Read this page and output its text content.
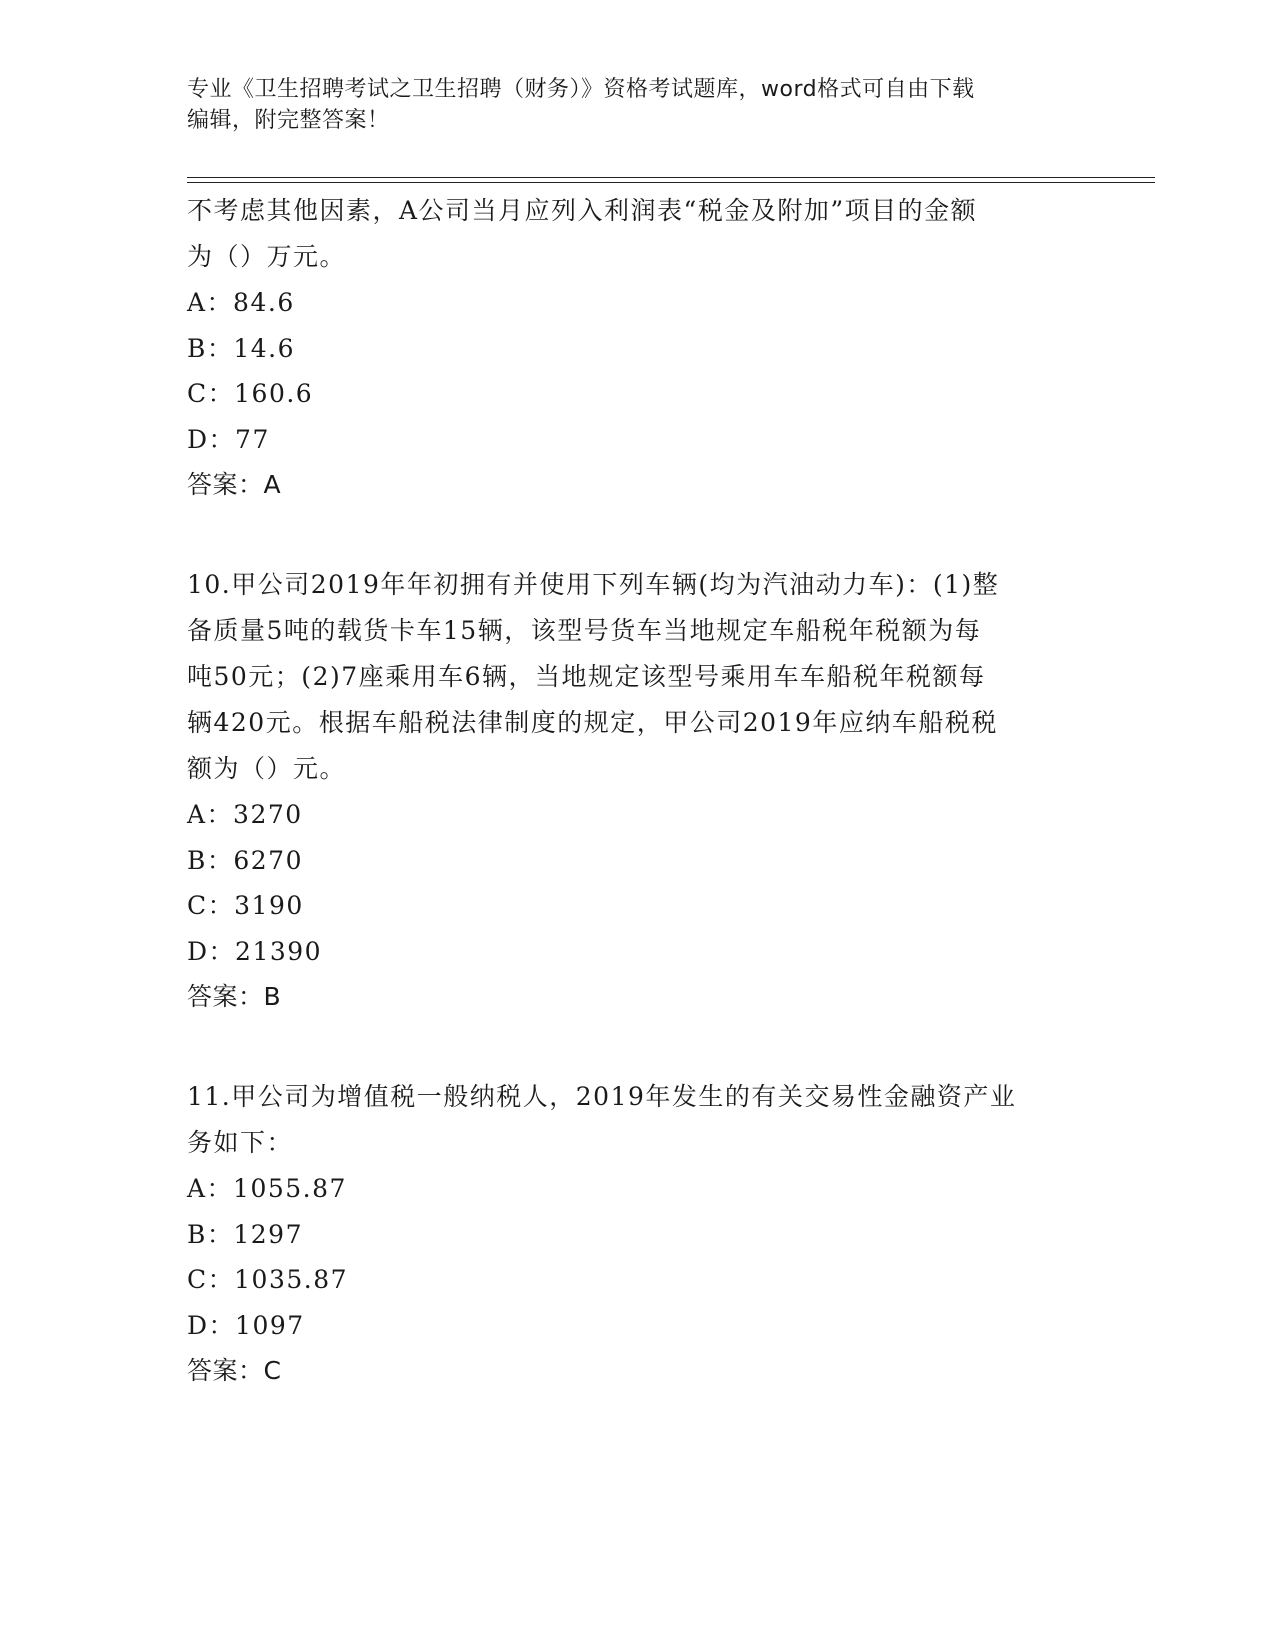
专业《卫生招聘考试之卫生招聘（财务）》资格考试题库，word格式可自由下载
编辑，附完整答案！

不考虑其他因素，A公司当月应列入利润表“税金及附加”项目的金额

为（）万元。

A：84.6

B：14.6

C：160.6

D：77

答案：A

10.甲公司2019年年初拥有并使用下列车辆(均为汽油动力车)：(1)整

备质量5吨的载货卡车15辆，该型号货车当地规定车船税年税额为每

吨50元；(2)7座乘用车6辆，当地规定该型号乘用车车船税年税额每

辆420元。根据车船税法律制度的规定，甲公司2019年应纳车船税税

额为（）元。

A：3270

B：6270

C：3190

D：21390

答案：B

11.甲公司为增值税一般纳税人，2019年发生的有关交易性金融资产业

务如下：

A：1055.87

B：1297

C：1035.87

D：1097

答案：C
